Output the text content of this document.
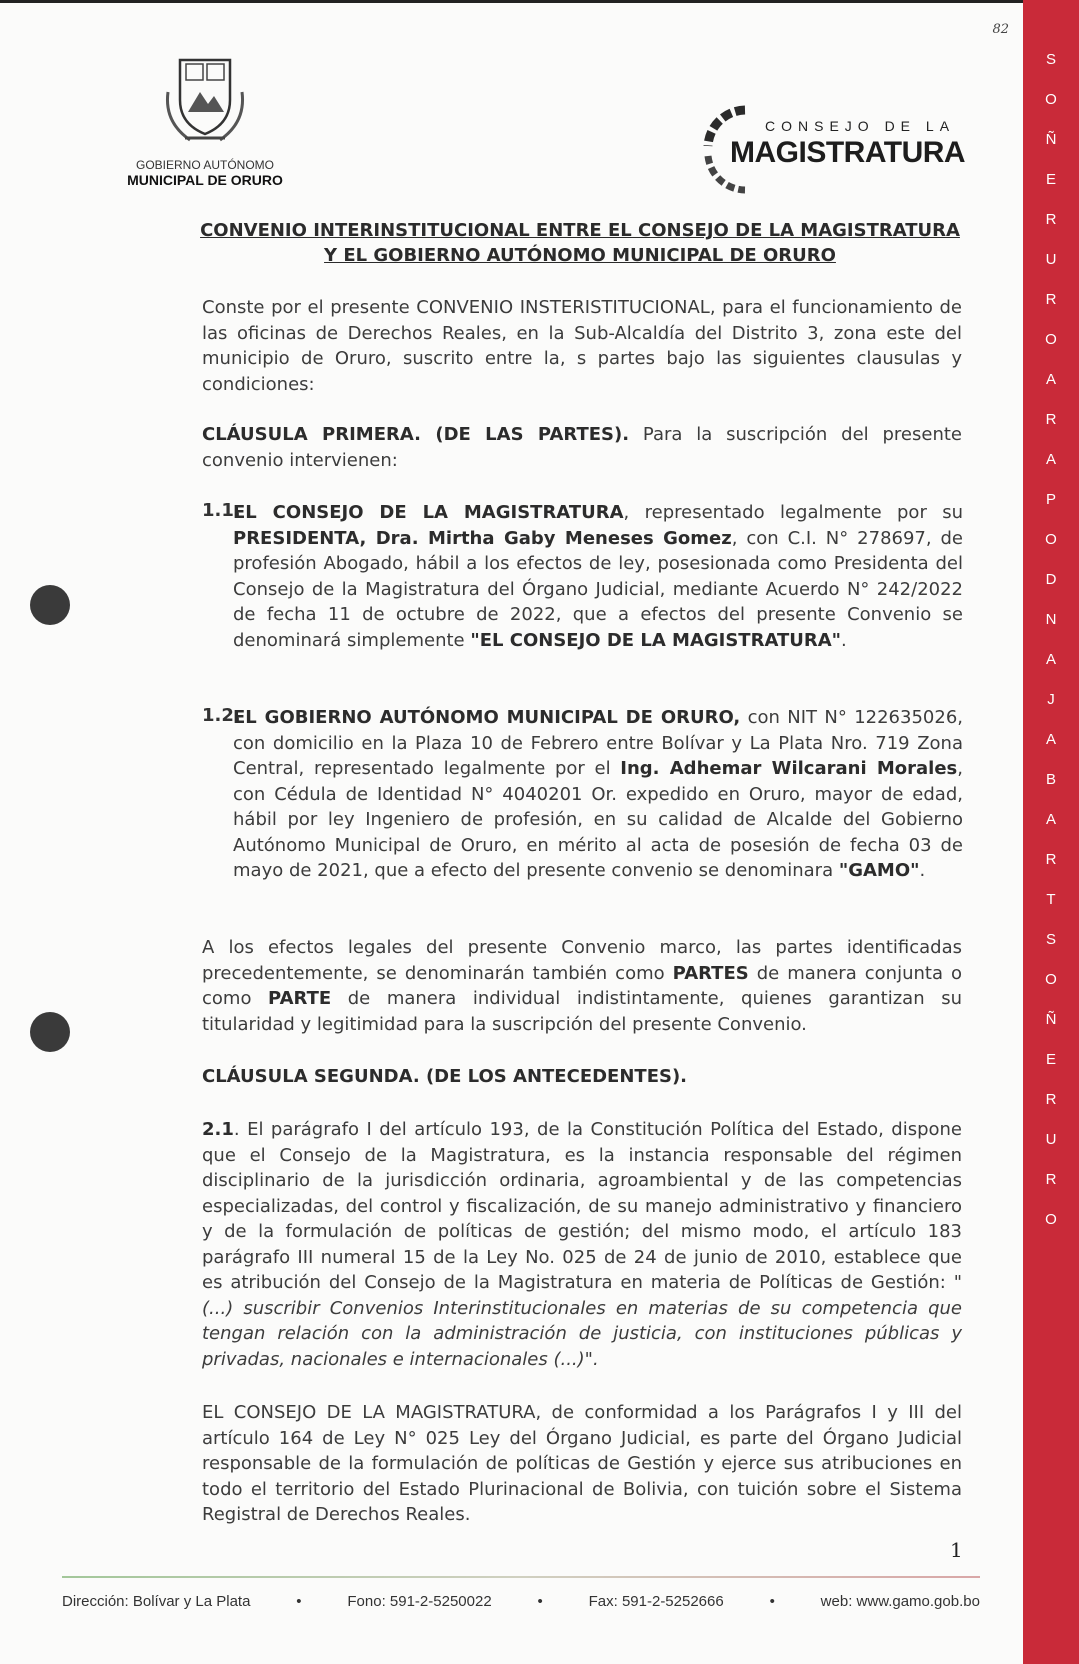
82
S
O
Ñ
E
R
U
R
O
A
R
A
P
O
D
N
A
J
A
B
A
R
T
S
O
Ñ
E
R
U
R
O
GOBIERNO AUTÓNOMO
MUNICIPAL DE ORURO
CONSEJO DE LA
MAGISTRATURA
CONVENIO INTERINSTITUCIONAL ENTRE EL CONSEJO DE LA MAGISTRATURA Y EL GOBIERNO AUTÓNOMO MUNICIPAL DE ORURO
Conste por el presente CONVENIO INSTERISTITUCIONAL, para el funcionamiento de las oficinas de Derechos Reales, en la Sub-Alcaldía del Distrito 3, zona este del municipio de Oruro, suscrito entre la, s partes bajo las siguientes clausulas y condiciones:
CLÁUSULA PRIMERA. (DE LAS PARTES). Para la suscripción del presente convenio intervienen:
1.1.
EL CONSEJO DE LA MAGISTRATURA, representado legalmente por su PRESIDENTA, Dra. Mirtha Gaby Meneses Gomez, con C.I. N° 278697, de profesión Abogado, hábil a los efectos de ley, posesionada como Presidenta del Consejo de la Magistratura del Órgano Judicial, mediante Acuerdo N° 242/2022 de fecha 11 de octubre de 2022, que a efectos del presente Convenio se denominará simplemente "EL CONSEJO DE LA MAGISTRATURA".
1.2.
EL GOBIERNO AUTÓNOMO MUNICIPAL DE ORURO, con NIT N° 122635026, con domicilio en la Plaza 10 de Febrero entre Bolívar y La Plata Nro. 719 Zona Central, representado legalmente por el Ing. Adhemar Wilcarani Morales, con Cédula de Identidad N° 4040201 Or. expedido en Oruro, mayor de edad, hábil por ley Ingeniero de profesión, en su calidad de Alcalde del Gobierno Autónomo Municipal de Oruro, en mérito al acta de posesión de fecha 03 de mayo de 2021, que a efecto del presente convenio se denominara "GAMO".
A los efectos legales del presente Convenio marco, las partes identificadas precedentemente, se denominarán también como PARTES de manera conjunta o como PARTE de manera individual indistintamente, quienes garantizan su titularidad y legitimidad para la suscripción del presente Convenio.
CLÁUSULA SEGUNDA. (DE LOS ANTECEDENTES).
2.1. El parágrafo I del artículo 193, de la Constitución Política del Estado, dispone que el Consejo de la Magistratura, es la instancia responsable del régimen disciplinario de la jurisdicción ordinaria, agroambiental y de las competencias especializadas, del control y fiscalización, de su manejo administrativo y financiero y de la formulación de políticas de gestión; del mismo modo, el artículo 183 parágrafo III numeral 15 de la Ley No. 025 de 24 de junio de 2010, establece que es atribución del Consejo de la Magistratura en materia de Políticas de Gestión: "(...) suscribir Convenios Interinstitucionales en materias de su competencia que tengan relación con la administración de justicia, con instituciones públicas y privadas, nacionales e internacionales (...)".
EL CONSEJO DE LA MAGISTRATURA, de conformidad a los Parágrafos I y III del artículo 164 de Ley N° 025 Ley del Órgano Judicial, es parte del Órgano Judicial responsable de la formulación de políticas de Gestión y ejerce sus atribuciones en todo el territorio del Estado Plurinacional de Bolivia, con tuición sobre el Sistema Registral de Derechos Reales.
1
Dirección: Bolívar y La Plata	•	Fono: 591-2-5250022	•	Fax: 591-2-5252666	•	web: www.gamo.gob.bo
